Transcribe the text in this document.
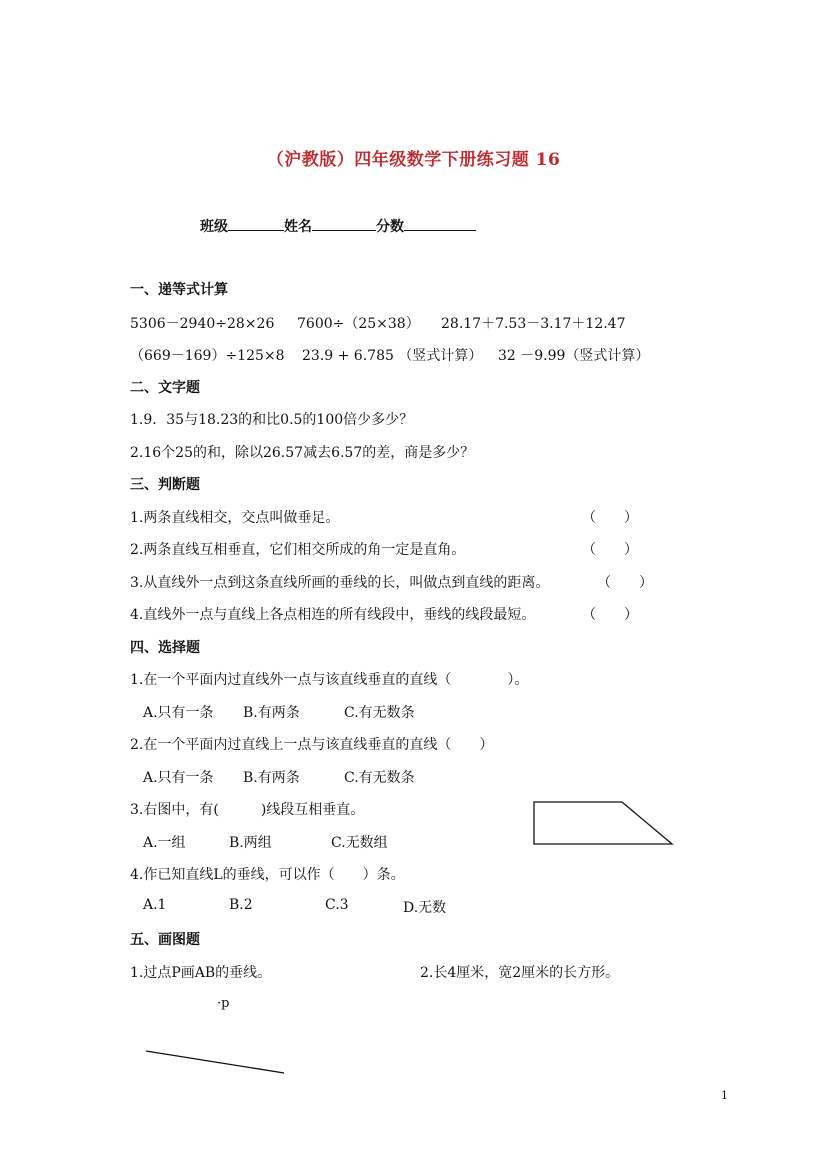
（沪教版）四年级数学下册练习题 16
班级	姓名	分数
一、递等式计算
5306－2940÷28×26 7600÷（25×38） 28.17＋7.53－3.17＋12.47
（669－169）÷125×8 23.9 + 6.785 （竖式计算） 32 －9.99（竖式计算）
二、文字题
1.9．35与18.23的和比0.5的100倍少多少？
2.16个25的和，除以26.57减去6.57的差，商是多少？
三、判断题
1.两条直线相交，交点叫做垂足。	（　　）
2.两条直线互相垂直，它们相交所成的角一定是直角。	（　　）
3.从直线外一点到这条直线所画的垂线的长，叫做点到直线的距离。	（　　）
4.直线外一点与直线上各点相连的所有线段中，垂线的线段最短。	（　　）
四、选择题
1.在一个平面内过直线外一点与该直线垂直的直线（　　　　）。
A.只有一条 B.有两条	C.有无数条
2.在一个平面内过直线上一点与该直线垂直的直线（　　）
A.只有一条 B.有两条	C.有无数条
3.右图中，有(　　　)线段互相垂直。
A.一组	B.两组	C.无数组
4.作已知直线L的垂线，可以作（　　）条。
A.1	B.2	C.3	D.无数
五、画图题
1.过点P画AB的垂线。	2.长4厘米，宽2厘米的长方形。
·p
1
